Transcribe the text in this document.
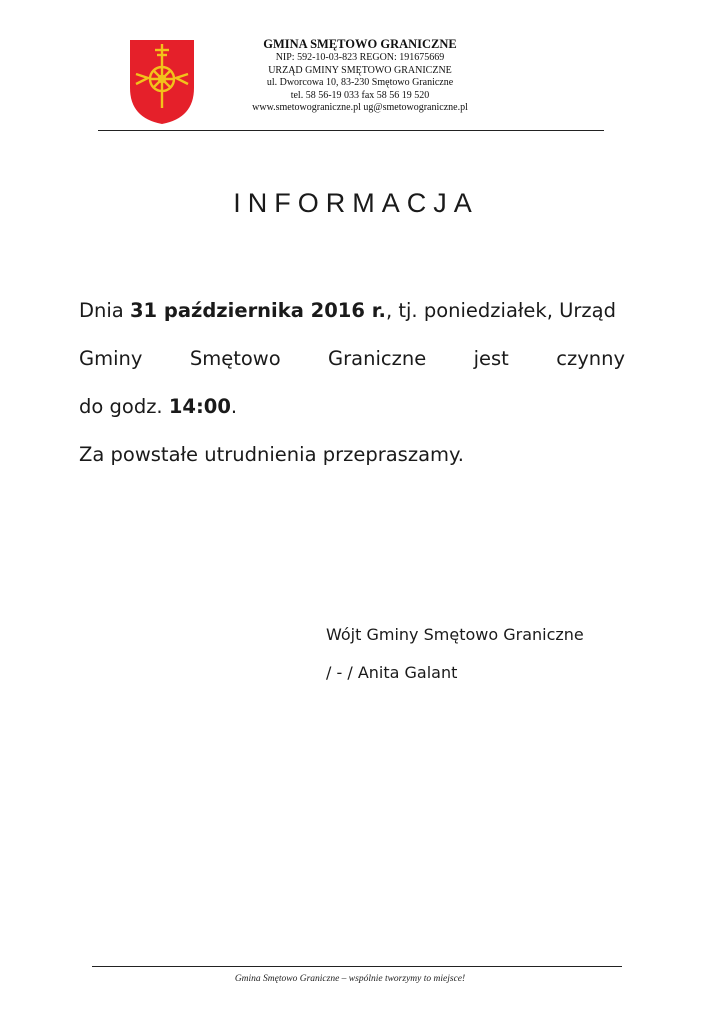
GMINA SMĘTOWO GRANICZNE
NIP: 592-10-03-823 REGON: 191675669
URZĄD GMINY SMĘTOWO GRANICZNE
ul. Dworcowa 10, 83-230 Smętowo Graniczne
tel. 58 56-19 033 fax 58 56 19 520
www.smetowograniczne.pl ug@smetowograniczne.pl
INFORMACJA
Dnia 31 października 2016 r., tj. poniedziałek, Urząd
Gminy Smętowo Graniczne jest czynny
do godz. 14:00.
Za powstałe utrudnienia przepraszamy.
Wójt Gminy Smętowo Graniczne
/ - / Anita Galant
Gmina Smętowo Graniczne – wspólnie tworzymy to miejsce!
